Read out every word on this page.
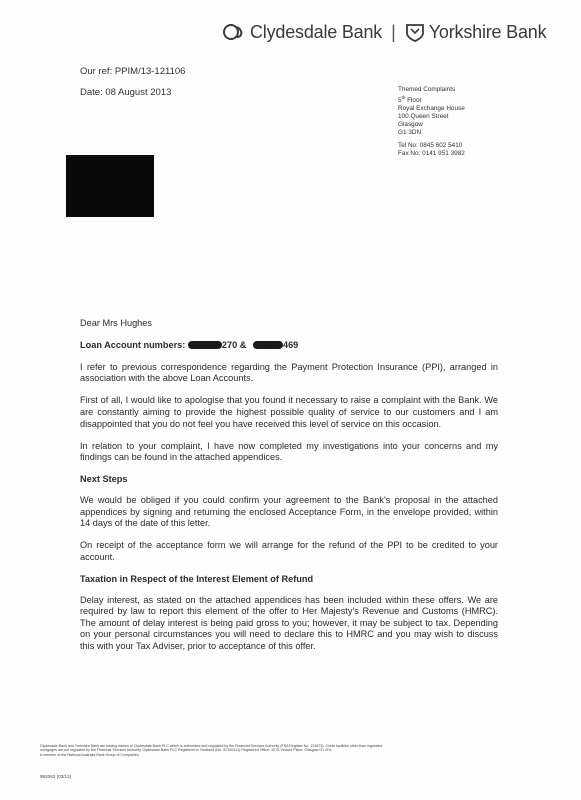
Clydesdale Bank | Yorkshire Bank
Our ref: PPIM/13-121106
Date: 08 August 2013	Themed Complaints
5th Floor
Royal Exchange House
100 Queen Street
Glasgow
G1 3DN
Tel No: 0845 602 5410
Fax No: 0141 951 3982

Dear Mrs Hughes

Loan Account numbers:	270 &	469

I refer to previous correspondence regarding the Payment Protection Insurance (PPI), arranged in association with the above Loan Accounts.

First of all, I would like to apologise that you found it necessary to raise a complaint with the Bank. We are constantly aiming to provide the highest possible quality of service to our customers and I am disappointed that you do not feel you have received this level of service on this occasion.

In relation to your complaint, I have now completed my investigations into your concerns and my findings can be found in the attached appendices.

Next Steps

We would be obliged if you could confirm your agreement to the Bank's proposal in the attached appendices by signing and returning the enclosed Acceptance Form, in the envelope provided, within 14 days of the date of this letter.

On receipt of the acceptance form we will arrange for the refund of the PPI to be credited to your account.

Taxation in Respect of the Interest Element of Refund

Delay interest, as stated on the attached appendices has been included within these offers. We are required by law to report this element of the offer to Her Majesty's Revenue and Customs (HMRC). The amount of delay interest is being paid gross to you; however, it may be subject to tax. Depending on your personal circumstances you will need to declare this to HMRC and you may wish to discuss this with your Tax Adviser, prior to acceptance of this offer.

Clydesdale Bank and Yorkshire Bank are trading names of Clydesdale Bank PLC which is authorised and regulated by the Financial Services Authority (FSA Register No. 121873). Credit facilities other than regulated
mortgages are not regulated by the Financial Services Authority Clydesdale Bank PLC Registered in Scotland (No. SC001111) Registered Office: 30 St Vincent Place, Glasgow G1 2HL
A member of the National Australia Bank Group of Companies.
992063 (03/12)
